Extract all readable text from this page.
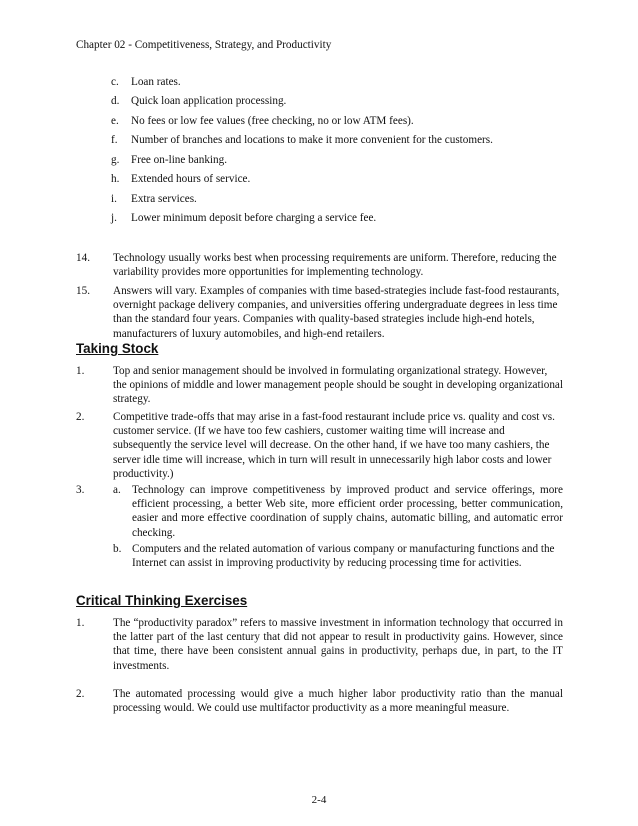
Chapter 02 - Competitiveness, Strategy, and Productivity
c. Loan rates.
d. Quick loan application processing.
e. No fees or low fee values (free checking, no or low ATM fees).
f. Number of branches and locations to make it more convenient for the customers.
g. Free on-line banking.
h. Extended hours of service.
i. Extra services.
j. Lower minimum deposit before charging a service fee.
14. Technology usually works best when processing requirements are uniform. Therefore, reducing the variability provides more opportunities for implementing technology.
15. Answers will vary. Examples of companies with time based-strategies include fast-food restaurants, overnight package delivery companies, and universities offering undergraduate degrees in less time than the standard four years. Companies with quality-based strategies include high-end hotels, manufacturers of luxury automobiles, and high-end retailers.
Taking Stock
1.	Top and senior management should be involved in formulating organizational strategy. However, the opinions of middle and lower management people should be sought in developing organizational strategy.
2.	Competitive trade-offs that may arise in a fast-food restaurant include price vs. quality and cost vs. customer service. (If we have too few cashiers, customer waiting time will increase and subsequently the service level will decrease. On the other hand, if we have too many cashiers, the server idle time will increase, which in turn will result in unnecessarily high labor costs and lower productivity.)
3.	a. Technology can improve competitiveness by improved product and service offerings, more efficient processing, a better Web site, more efficient order processing, better communication, easier and more effective coordination of supply chains, automatic billing, and automatic error checking.
b. Computers and the related automation of various company or manufacturing functions and the Internet can assist in improving productivity by reducing processing time for activities.
Critical Thinking Exercises
1.	The “productivity paradox” refers to massive investment in information technology that occurred in the latter part of the last century that did not appear to result in productivity gains. However, since that time, there have been consistent annual gains in productivity, perhaps due, in part, to the IT investments.
2.	The automated processing would give a much higher labor productivity ratio than the manual processing would. We could use multifactor productivity as a more meaningful measure.
2-4
